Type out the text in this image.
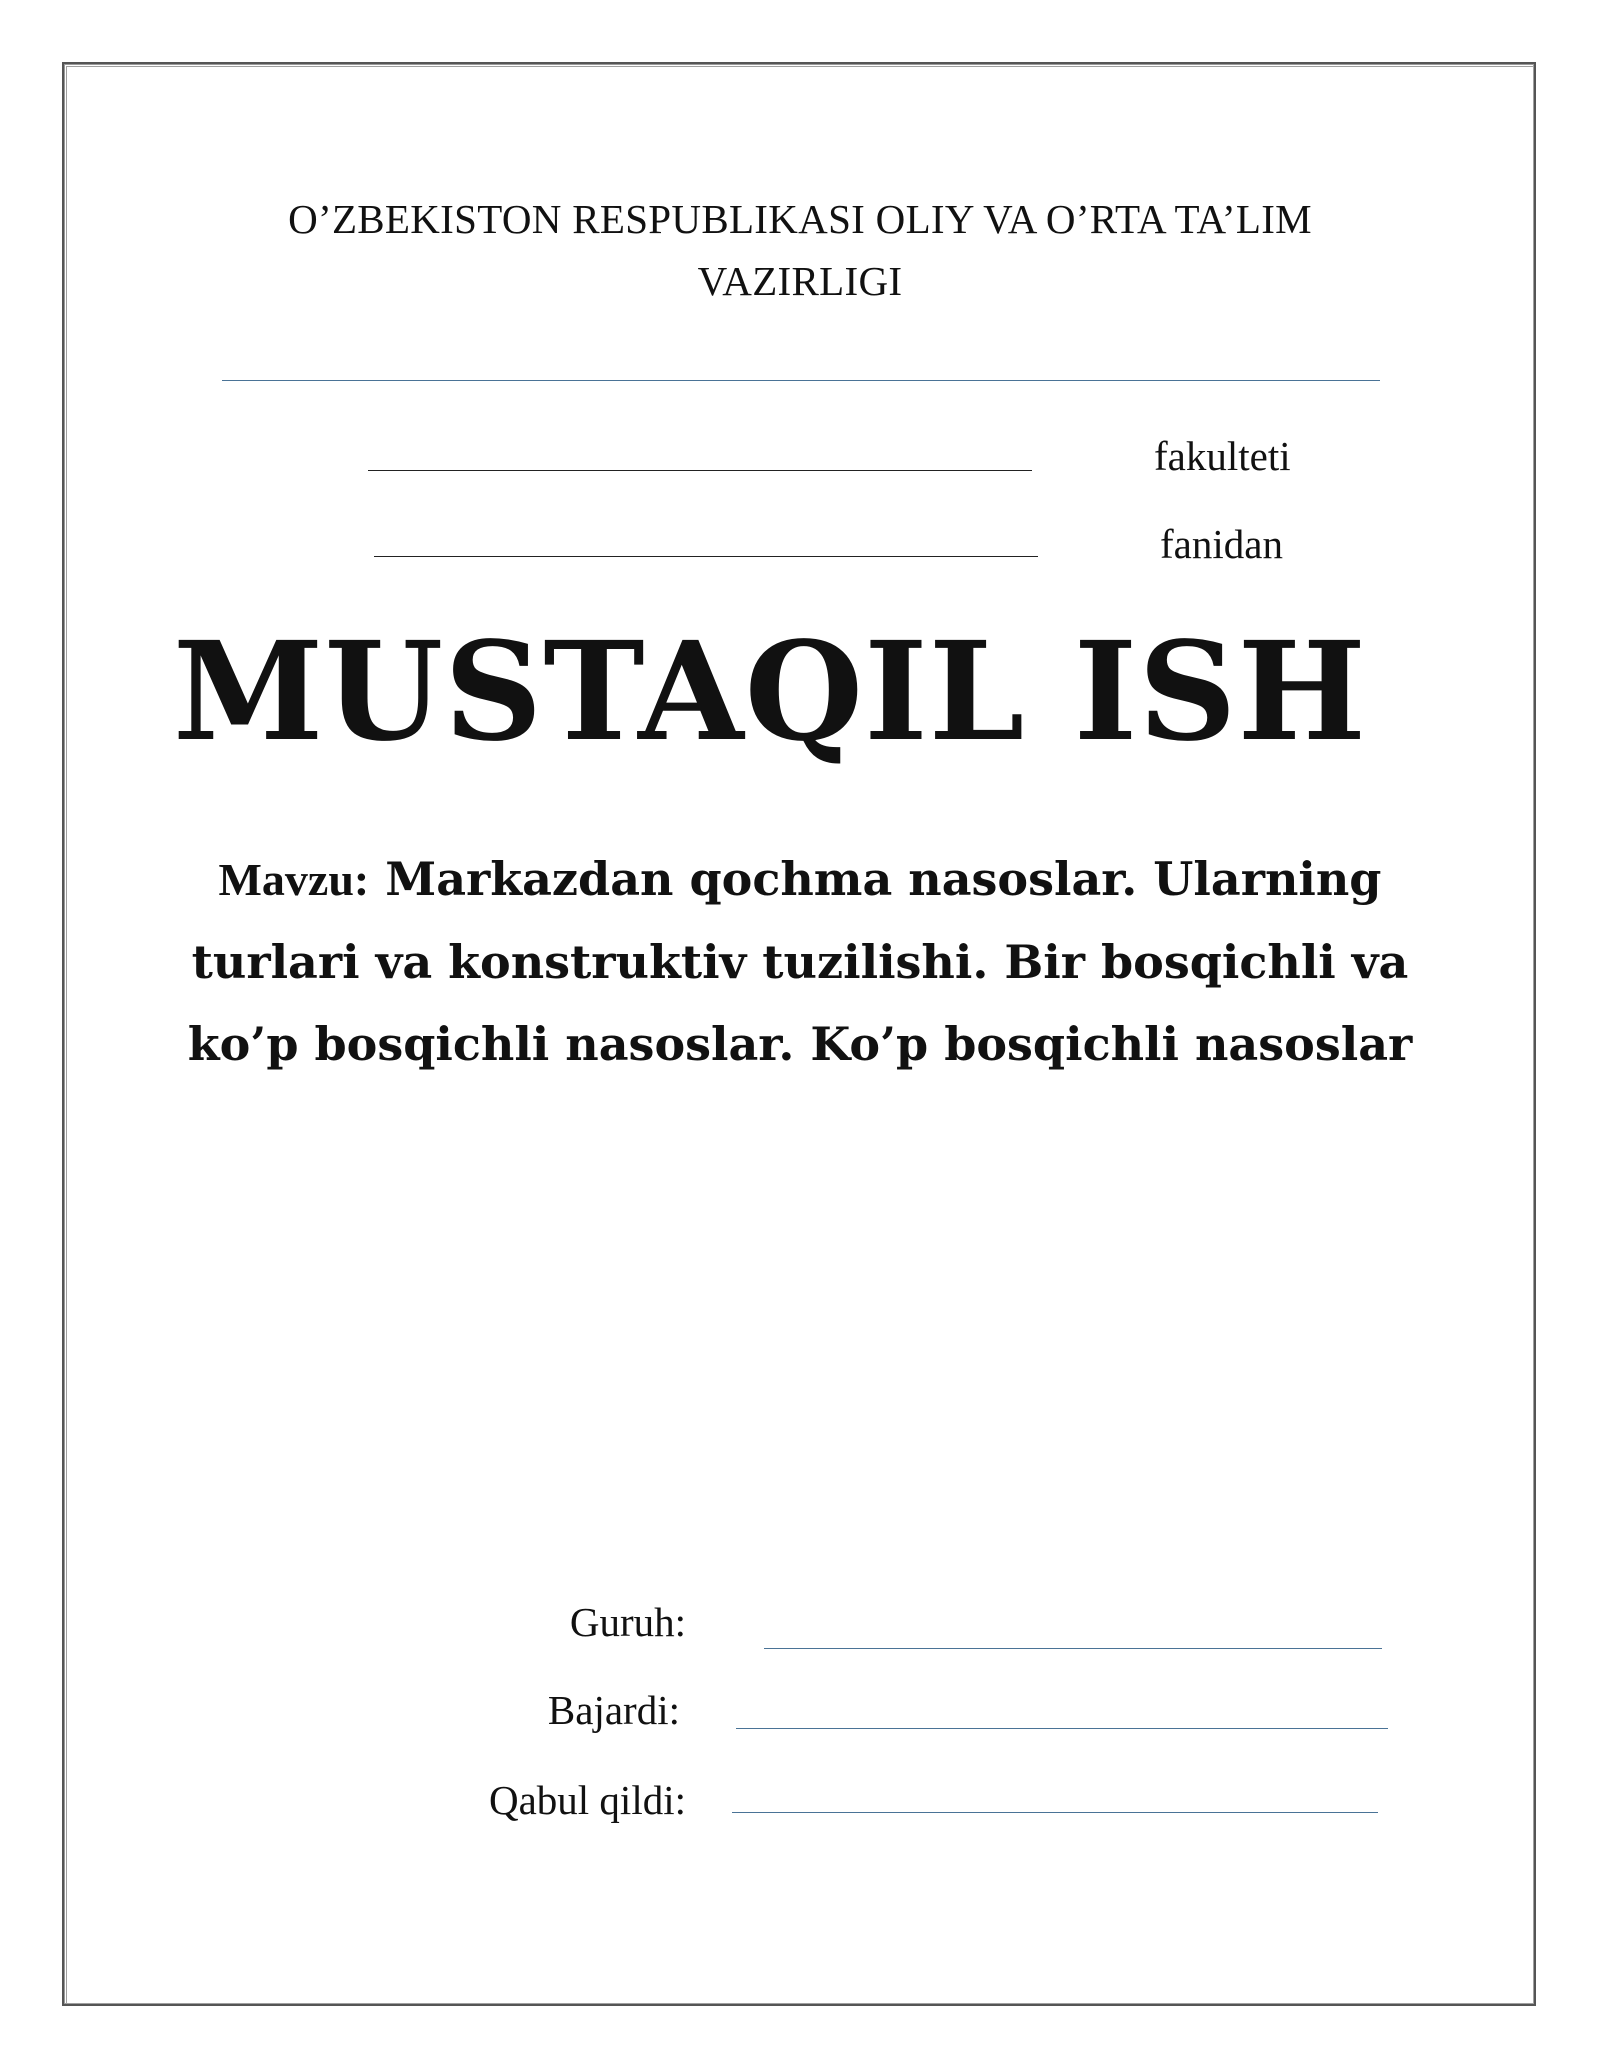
O’ZBEKISTON RESPUBLIKASI OLIY VA O’RTA TA’LIM
VAZIRLIGI
fakulteti
fanidan
MUSTAQIL ISH
Mavzu: Markazdan qochma nasoslar. Ularning turlari va konstruktiv tuzilishi. Bir bosqichli va ko’p bosqichli nasoslar. Ko’p bosqichli nasoslar
Guruh:
Bajardi:
Qabul qildi:
